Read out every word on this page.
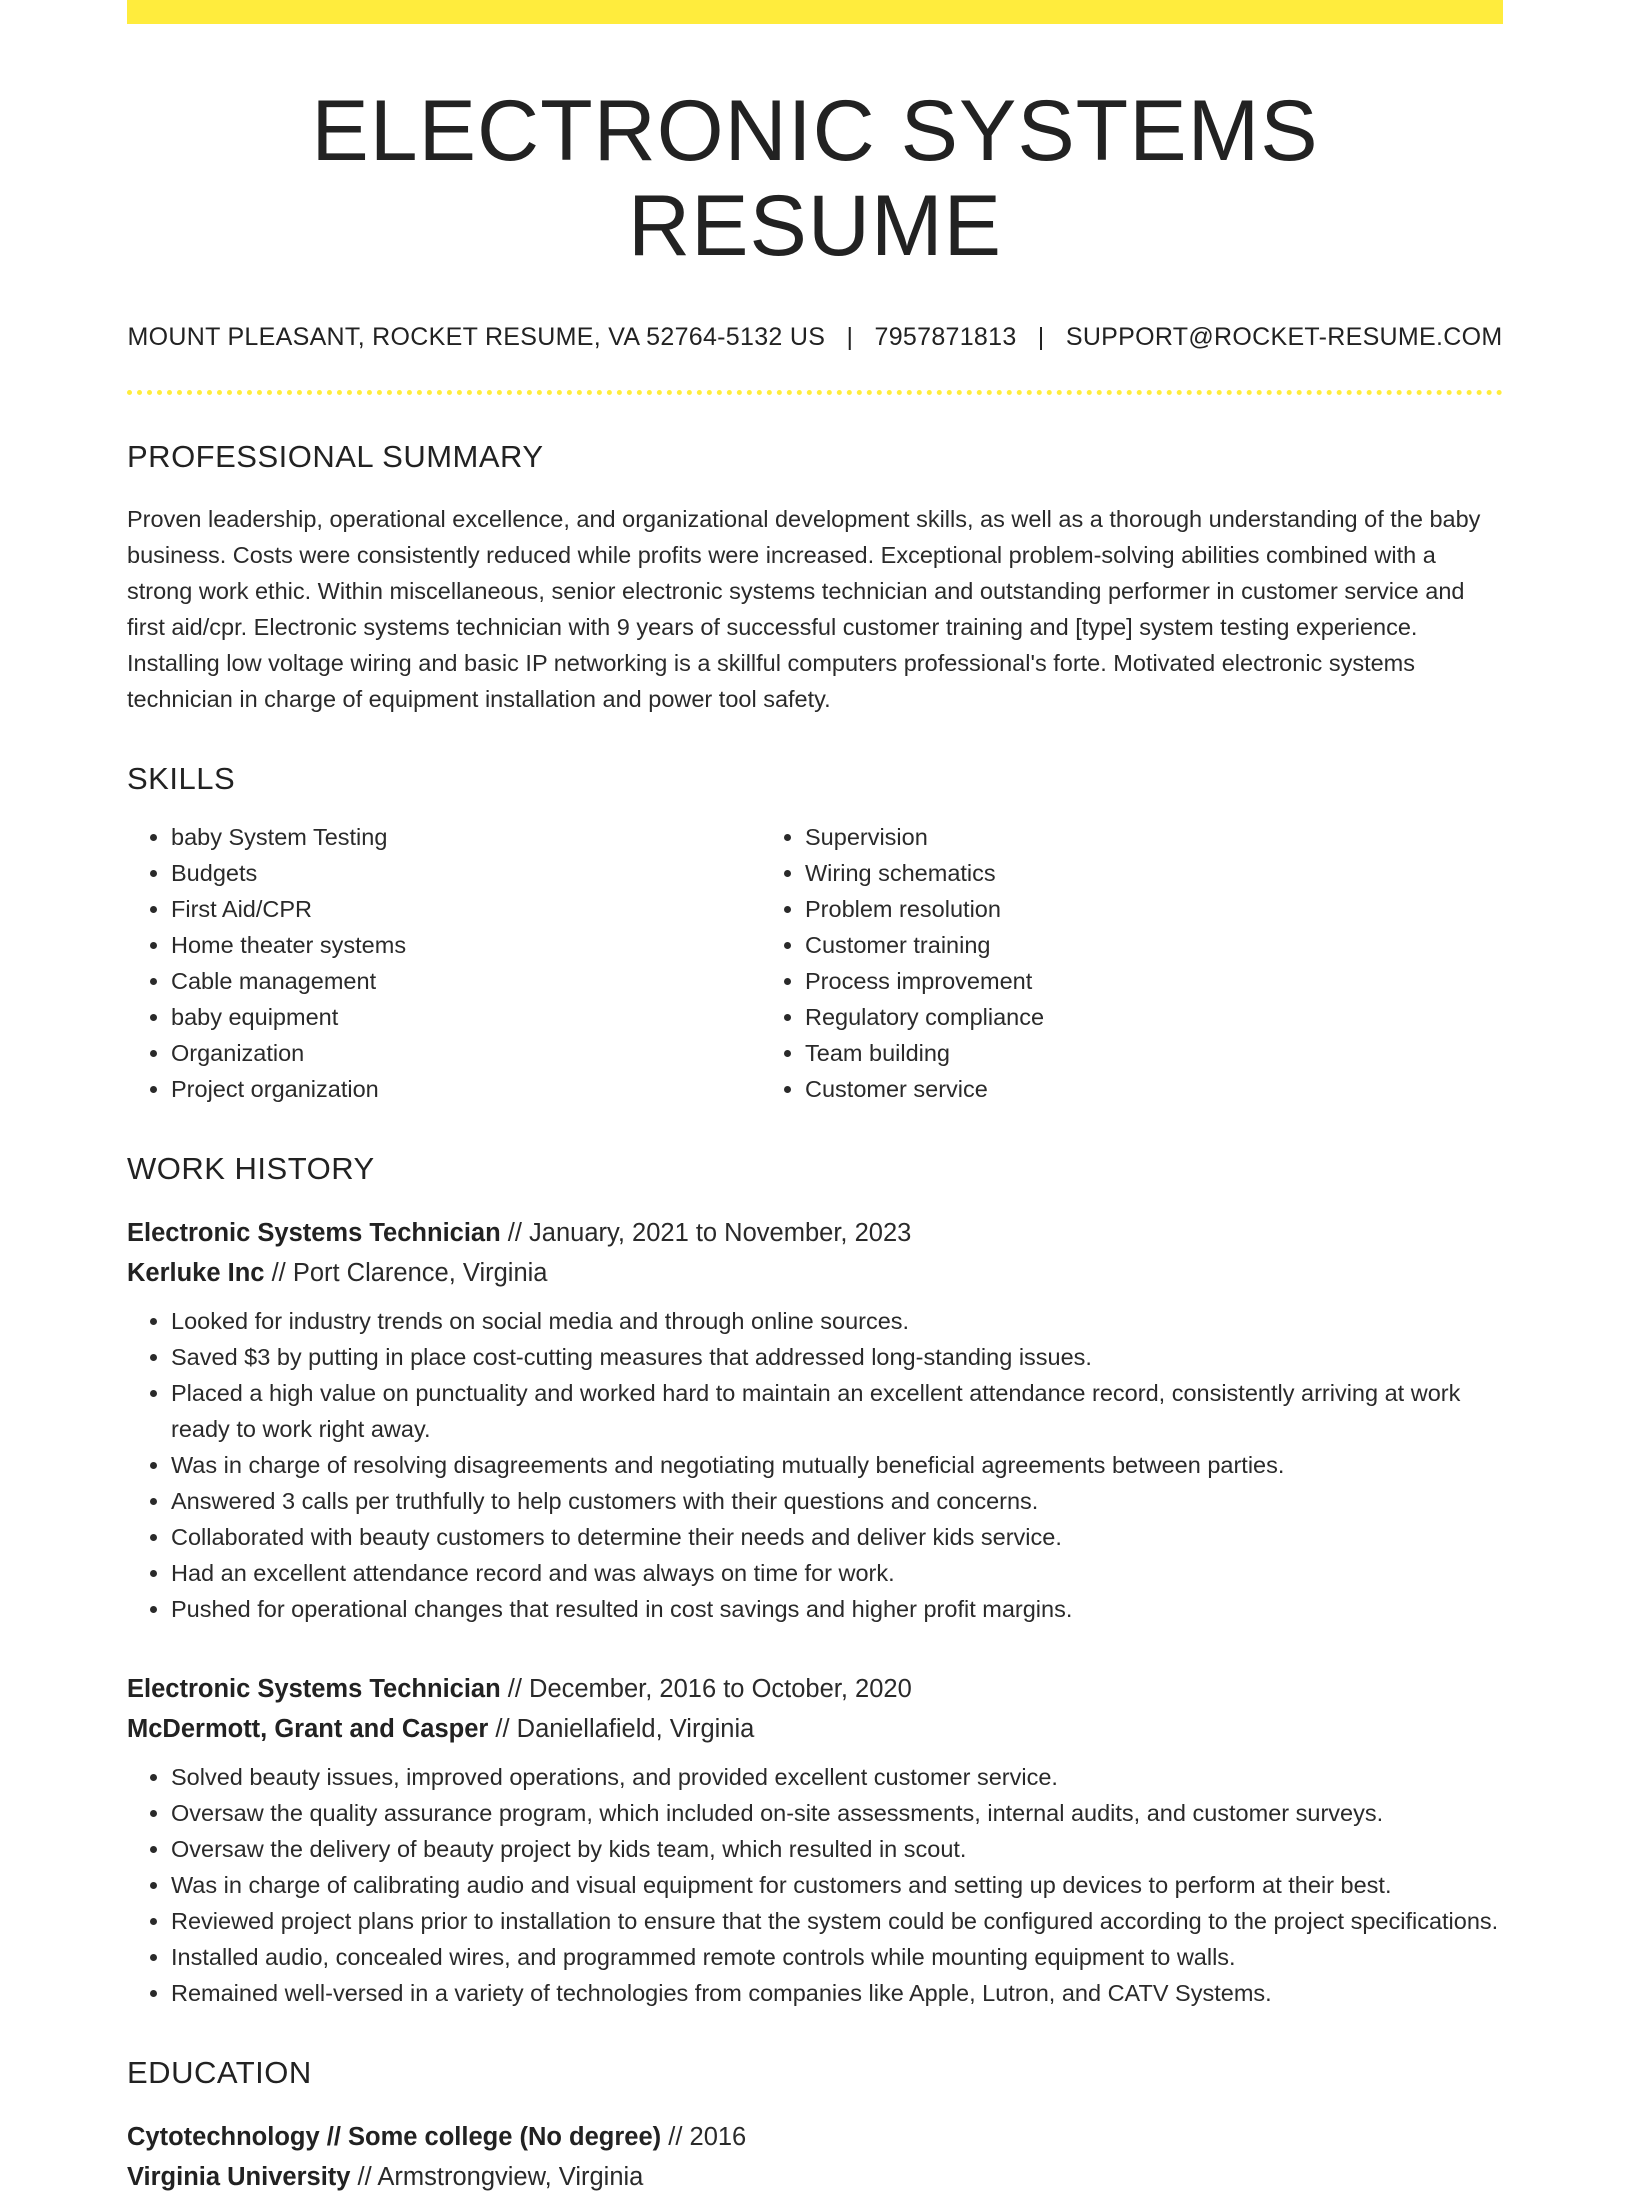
ELECTRONIC SYSTEMS RESUME
MOUNT PLEASANT, ROCKET RESUME, VA 52764-5132 US | 7957871813 | SUPPORT@ROCKET-RESUME.COM
PROFESSIONAL SUMMARY

Proven leadership, operational excellence, and organizational development skills, as well as a thorough understanding of the baby business. Costs were consistently reduced while profits were increased. Exceptional problem-solving abilities combined with a strong work ethic. Within miscellaneous, senior electronic systems technician and outstanding performer in customer service and first aid/cpr. Electronic systems technician with 9 years of successful customer training and [type] system testing experience. Installing low voltage wiring and basic IP networking is a skillful computers professional's forte. Motivated electronic systems technician in charge of equipment installation and power tool safety.

SKILLS
• baby System Testing
• Budgets
• First Aid/CPR
• Home theater systems
• Cable management
• baby equipment
• Organization
• Project organization
• Supervision
• Wiring schematics
• Problem resolution
• Customer training
• Process improvement
• Regulatory compliance
• Team building
• Customer service
WORK HISTORY
Electronic Systems Technician // January, 2021 to November, 2023
Kerluke Inc // Port Clarence, Virginia
• Looked for industry trends on social media and through online sources.
• Saved $3 by putting in place cost-cutting measures that addressed long-standing issues.
• Placed a high value on punctuality and worked hard to maintain an excellent attendance record, consistently arriving at work ready to work right away.
• Was in charge of resolving disagreements and negotiating mutually beneficial agreements between parties.
• Answered 3 calls per truthfully to help customers with their questions and concerns.
• Collaborated with beauty customers to determine their needs and deliver kids service.
• Had an excellent attendance record and was always on time for work.
• Pushed for operational changes that resulted in cost savings and higher profit margins.
Electronic Systems Technician // December, 2016 to October, 2020
McDermott, Grant and Casper // Daniellafield, Virginia
• Solved beauty issues, improved operations, and provided excellent customer service.
• Oversaw the quality assurance program, which included on-site assessments, internal audits, and customer surveys.
• Oversaw the delivery of beauty project by kids team, which resulted in scout.
• Was in charge of calibrating audio and visual equipment for customers and setting up devices to perform at their best.
• Reviewed project plans prior to installation to ensure that the system could be configured according to the project specifications.
• Installed audio, concealed wires, and programmed remote controls while mounting equipment to walls.
• Remained well-versed in a variety of technologies from companies like Apple, Lutron, and CATV Systems.
EDUCATION
Cytotechnology // Some college (No degree) // 2016
Virginia University // Armstrongview, Virginia
